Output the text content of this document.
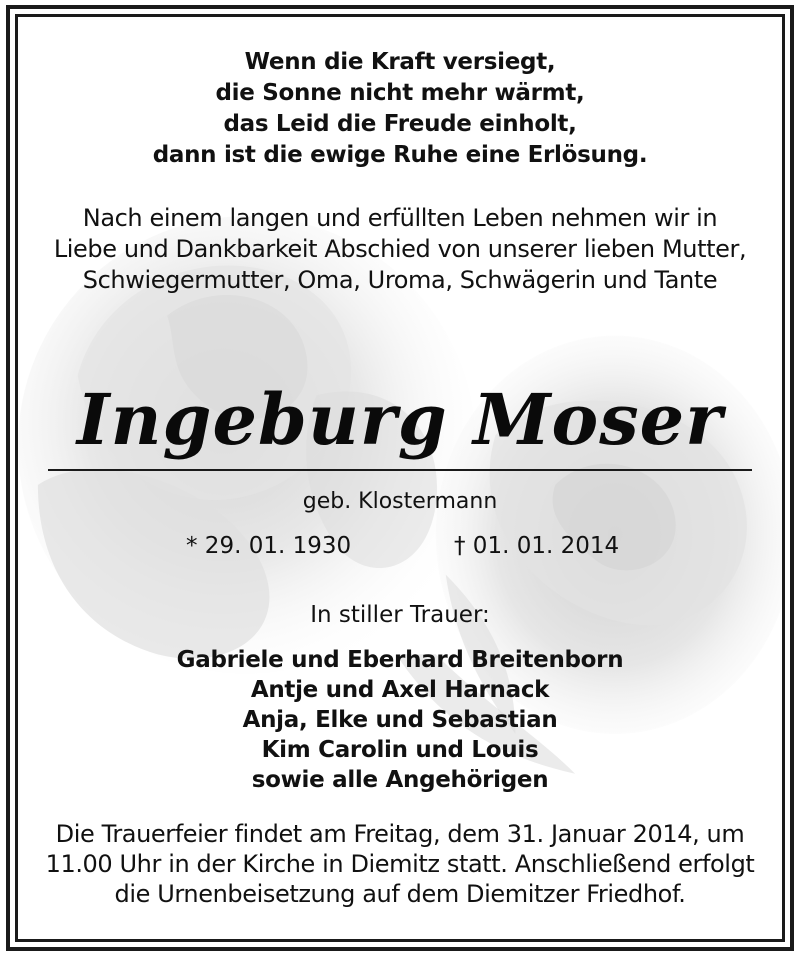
Wenn die Kraft versiegt,
die Sonne nicht mehr wärmt,
das Leid die Freude einholt,
dann ist die ewige Ruhe eine Erlösung.
Nach einem langen und erfüllten Leben nehmen wir in Liebe und Dankbarkeit Abschied von unserer lieben Mutter, Schwiegermutter, Oma, Uroma, Schwägerin und Tante
Ingeburg Moser
geb. Klostermann
* 29. 01. 1930	† 01. 01. 2014
In stiller Trauer:
Gabriele und Eberhard Breitenborn
Antje und Axel Harnack
Anja, Elke und Sebastian
Kim Carolin und Louis
sowie alle Angehörigen
Die Trauerfeier findet am Freitag, dem 31. Januar 2014, um 11.00 Uhr in der Kirche in Diemitz statt. Anschließend erfolgt die Urnenbeisetzung auf dem Diemitzer Friedhof.
